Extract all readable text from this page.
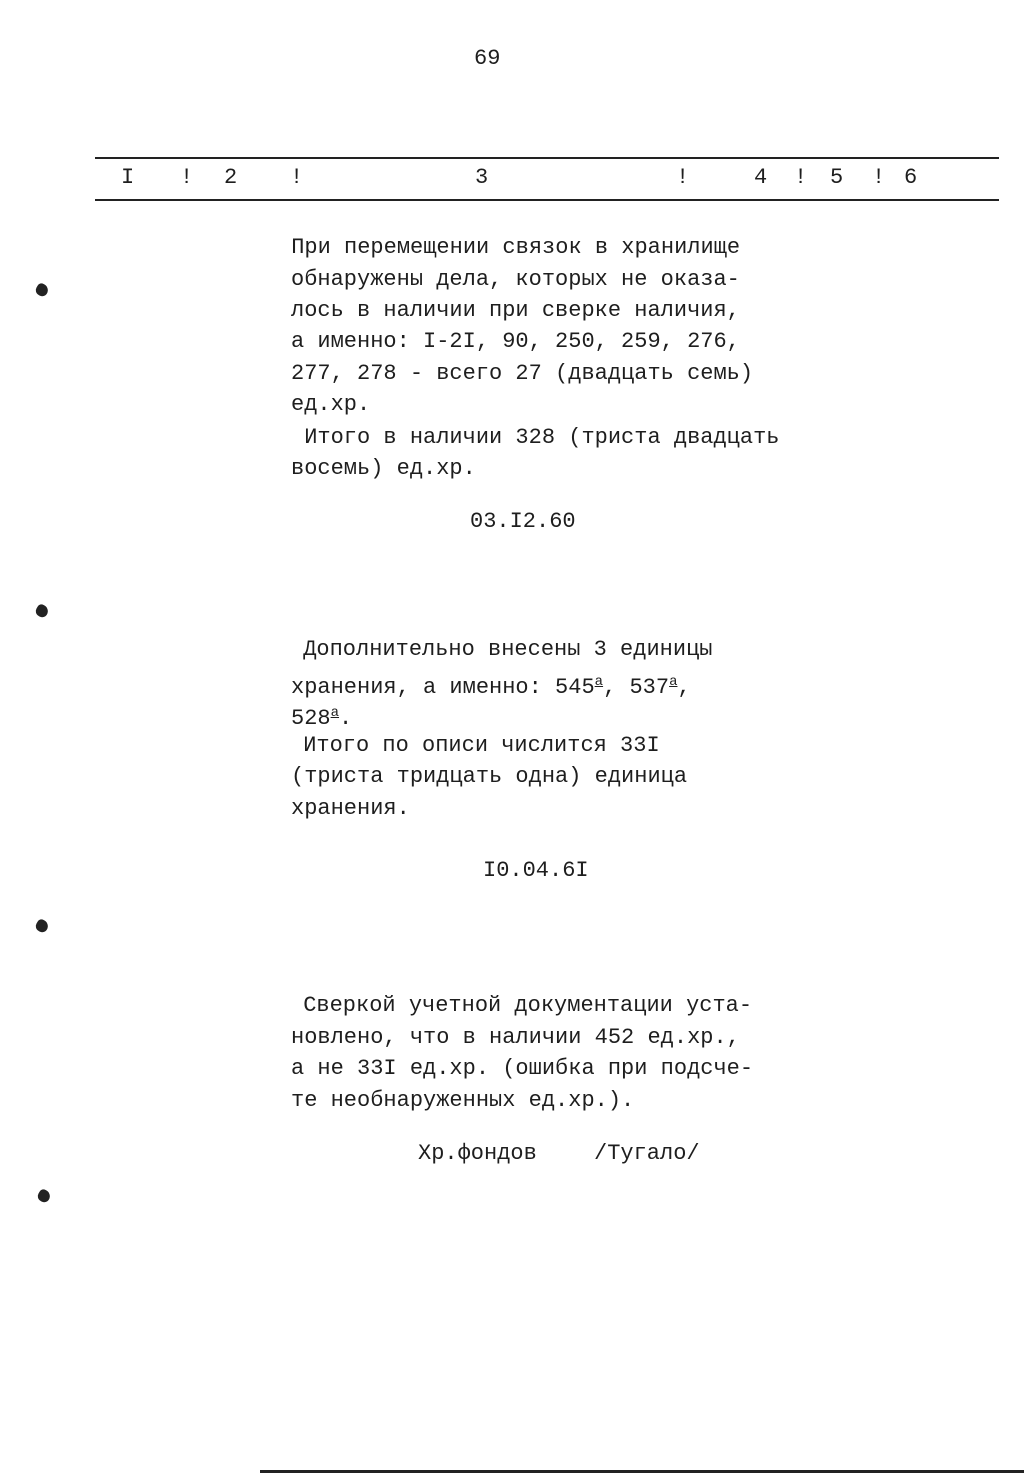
69
I ! 2 !	3	!	4 ! 5 ! 6
При перемещении связок в хранилище
обнаружены дела, которых не оказа-
лось в наличии при сверке наличия,
а именно: I-2I, 90, 250, 259, 276,
277, 278 - всего 27 (двадцать семь)
ед.хр.
Итого в наличии 328 (триста двадцать
восемь) ед.хр.
03.I2.60
Дополнительно внесены 3 единицы
хранения, а именно: $545^а$, $537^а$,
$528^а$.
Итого по описи числится 33I
(триста тридцать одна) единица
хранения.
I0.04.6I
Сверкой учетной документации уста-
новлено, что в наличии 452 ед.хр.,
а не 33I ед.хр. (ошибка при подсче-
те необнаруженных ед.хр.).
Хр.фондов	/Тугало/
